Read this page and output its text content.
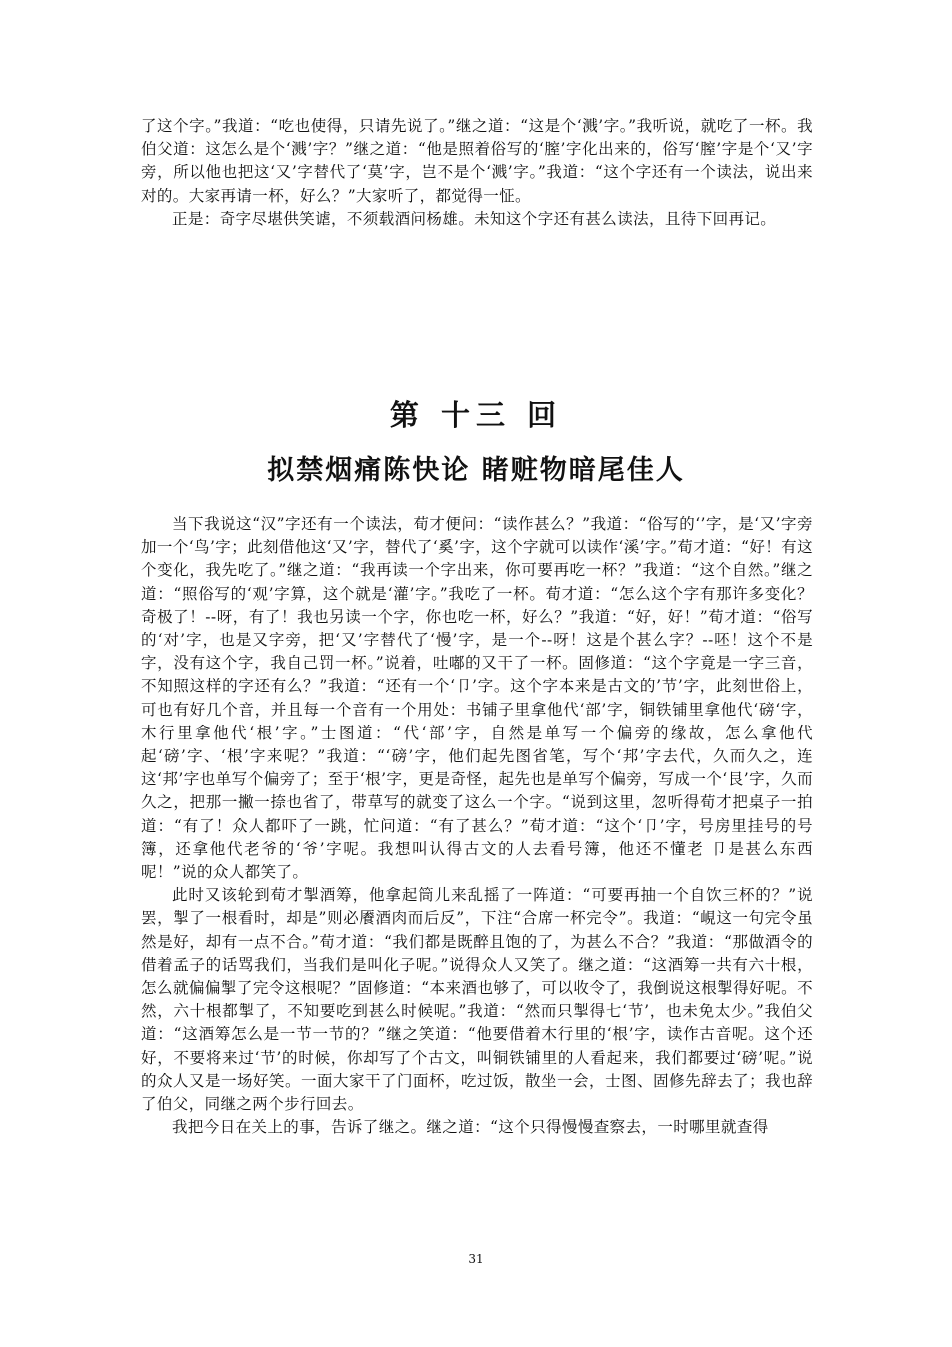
了这个字。”我道：“吃也使得，只请先说了。”继之道：“这是个‘溅’字。”我听说，就吃了一杯。我伯父道：这怎么是个‘溅’字？”继之道：“他是照着俗写的‘膣’字化出来的，俗写‘膣’字是个‘又’字旁，所以他也把这‘又’字替代了‘莫’字，岂不是个‘溅’字。”我道：“这个字还有一个读法，说出来对的。大家再请一杯，好么？”大家听了，都觉得一怔。

正是：奇字尽堪供笑谑，不须载酒问杨雄。未知这个字还有甚么读法，且待下回再记。

第 十三 回
拟禁烟痛陈快论 睹赃物暗尾佳人

当下我说这“汉”字还有一个读法，荀才便问：“读作甚么？”我道：“俗写的‘’字，是‘又’字旁加一个‘鸟’字；此刻借他这‘又’字，替代了‘奚’字，这个字就可以读作‘溪’字。”荀才道：“好！有这个变化，我先吃了。”继之道：“我再读一个字出来，你可要再吃一杯？”我道：“这个自然。”继之道：“照俗写的‘观’字算，这个就是‘灌’字。”我吃了一杯。荀才道：“怎么这个字有那许多变化？奇极了！--呀，有了！我也另读一个字，你也吃一杯，好么？”我道：“好，好！”荀才道：“俗写的‘对’字，也是又字旁，把‘又’字替代了‘慢’字，是一个--呀！这是个甚么字？--呸！这个不是字，没有这个字，我自己罚一杯。”说着，吐嘟的又干了一杯。固修道：“这个字竟是一字三音，不知照这样的字还有么？”我道：“还有一个‘卩’字。这个字本来是古文的’节’字，此刻世俗上，可也有好几个音，并且每一个音有一个用处：书铺子里拿他代‘部’字，铜铁铺里拿他代‘磅‘字，木行里拿他代‘根’字。”士图道：“代‘部’字，自然是单写一个偏旁的缘故，怎么拿他代起‘磅’字、‘根’字来呢？”我道：“‘磅’字，他们起先图省笔，写个‘邦’字去代，久而久之，连这‘邦’字也单写个偏旁了；至于‘根’字，更是奇怪，起先也是单写个偏旁，写成一个‘艮’字，久而久之，把那一撇一捺也省了，带草写的就变了这么一个字。“说到这里，忽听得荀才把桌子一拍道：“有了！众人都吓了一跳，忙问道：“有了甚么？”荀才道：“这个‘卩’字，号房里挂号的号簿，还拿他代老爷的‘爷’字呢。我想叫认得古文的人去看号簿，他还不懂老 卩是甚么东西呢！”说的众人都笑了。

此时又该轮到荀才掣酒筹，他拿起筒儿来乱摇了一阵道：“可要再抽一个自饮三杯的？”说罢，掣了一根看时，却是”则必餍酒肉而后反”，下注“合席一杯完令”。我道：“峴这一句完令虽然是好，却有一点不合。”荀才道：“我们都是既醉且饱的了，为甚么不合？”我道：“那做酒令的借着孟子的话骂我们，当我们是叫化子呢。”说得众人又笑了。继之道：“这酒筹一共有六十根，怎么就偏偏掣了完令这根呢？”固修道：“本来酒也够了，可以收令了，我倒说这根掣得好呢。不然，六十根都掣了，不知要吃到甚么时候呢。”我道：“然而只掣得七‘节’，也未免太少。”我伯父道：“这酒筹怎么是一节一节的？”继之笑道：“他要借着木行里的‘根’字，读作古音呢。这个还好，不要将来过‘节’的时候，你却写了个古文，叫铜铁铺里的人看起来，我们都要过‘磅’呢。”说的众人又是一场好笑。一面大家干了门面杯，吃过饭，散坐一会，士图、固修先辞去了；我也辞了伯父，同继之两个步行回去。

我把今日在关上的事，告诉了继之。继之道：“这个只得慢慢查察去，一时哪里就查得

31
